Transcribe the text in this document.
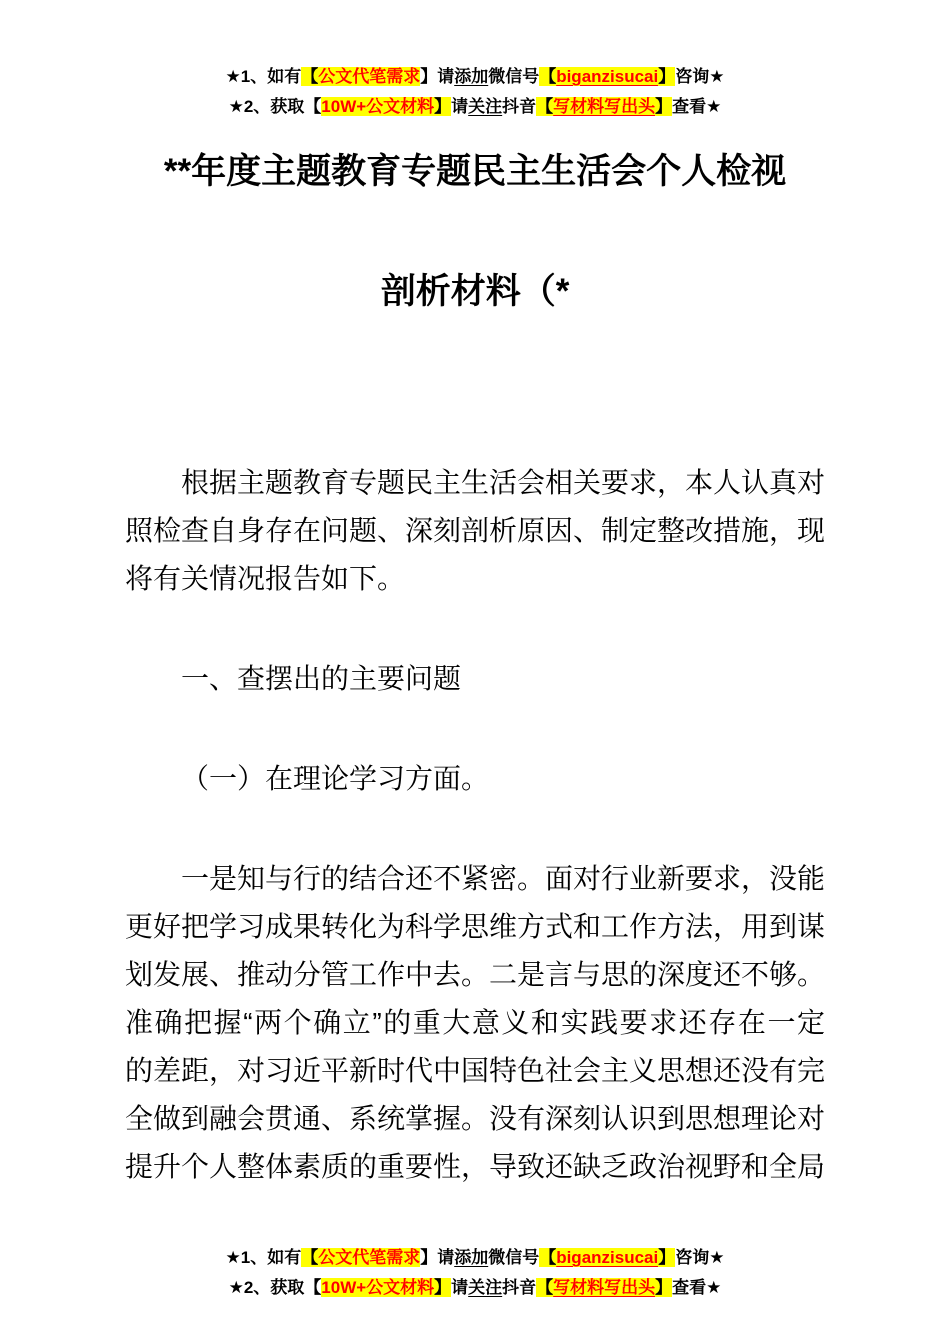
★1、如有【公文代笔需求】请添加微信号【biganzisucai】咨询★
★2、获取【10W+公文材料】请关注抖音【写材料写出头】查看★
**年度主题教育专题民主生活会个人检视
剖析材料（*
根据主题教育专题民主生活会相关要求，本人认真对
照检查自身存在问题、深刻剖析原因、制定整改措施，现
将有关情况报告如下。
一、查摆出的主要问题
（一）在理论学习方面。
一是知与行的结合还不紧密。面对行业新要求，没能
更好把学习成果转化为科学思维方式和工作方法，用到谋
划发展、推动分管工作中去。二是言与思的深度还不够。
准确把握“两个确立”的重大意义和实践要求还存在一定
的差距，对习近平新时代中国特色社会主义思想还没有完
全做到融会贯通、系统掌握。没有深刻认识到思想理论对
提升个人整体素质的重要性，导致还缺乏政治视野和全局
★1、如有【公文代笔需求】请添加微信号【biganzisucai】咨询★
★2、获取【10W+公文材料】请关注抖音【写材料写出头】查看★
